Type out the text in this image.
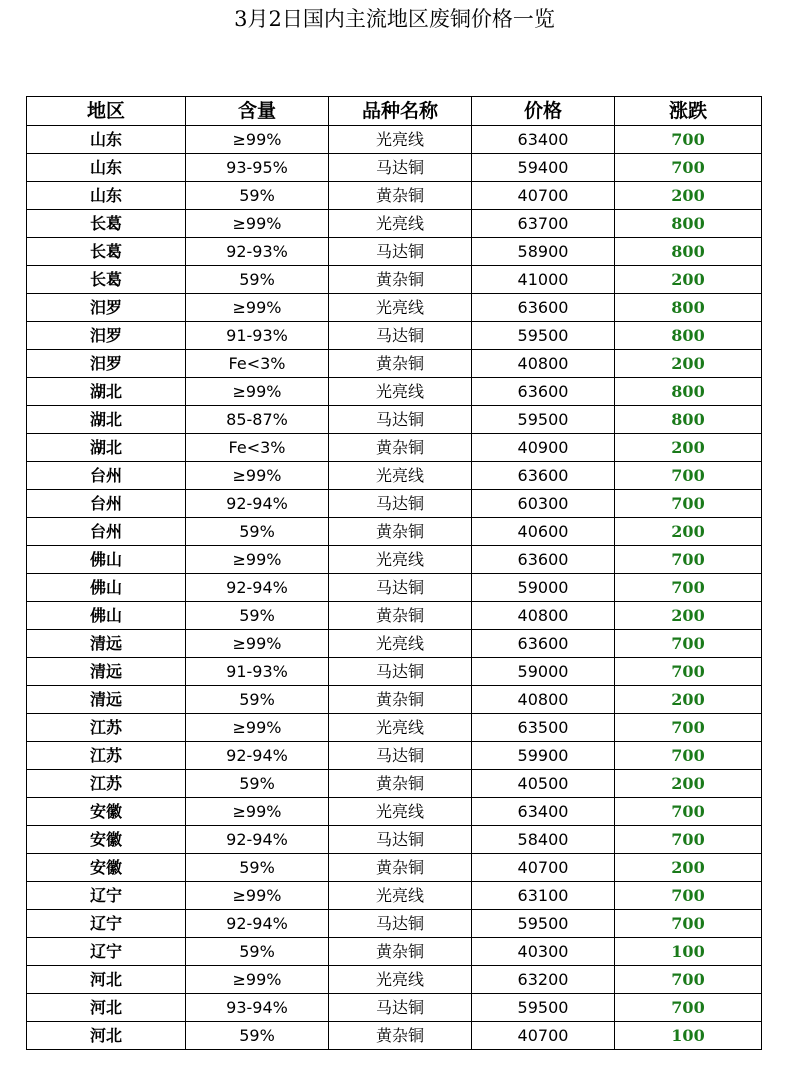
3月2日国内主流地区废铜价格一览
地区	含量	品种名称	价格	涨跌
山东	≥99%	光亮线	63400	700
山东	93-95%	马达铜	59400	700
山东	59%	黄杂铜	40700	200
长葛	≥99%	光亮线	63700	800
长葛	92-93%	马达铜	58900	800
长葛	59%	黄杂铜	41000	200
汨罗	≥99%	光亮线	63600	800
汨罗	91-93%	马达铜	59500	800
汨罗	Fe<3%	黄杂铜	40800	200
湖北	≥99%	光亮线	63600	800
湖北	85-87%	马达铜	59500	800
湖北	Fe<3%	黄杂铜	40900	200
台州	≥99%	光亮线	63600	700
台州	92-94%	马达铜	60300	700
台州	59%	黄杂铜	40600	200
佛山	≥99%	光亮线	63600	700
佛山	92-94%	马达铜	59000	700
佛山	59%	黄杂铜	40800	200
清远	≥99%	光亮线	63600	700
清远	91-93%	马达铜	59000	700
清远	59%	黄杂铜	40800	200
江苏	≥99%	光亮线	63500	700
江苏	92-94%	马达铜	59900	700
江苏	59%	黄杂铜	40500	200
安徽	≥99%	光亮线	63400	700
安徽	92-94%	马达铜	58400	700
安徽	59%	黄杂铜	40700	200
辽宁	≥99%	光亮线	63100	700
辽宁	92-94%	马达铜	59500	700
辽宁	59%	黄杂铜	40300	100
河北	≥99%	光亮线	63200	700
河北	93-94%	马达铜	59500	700
河北	59%	黄杂铜	40700	100
